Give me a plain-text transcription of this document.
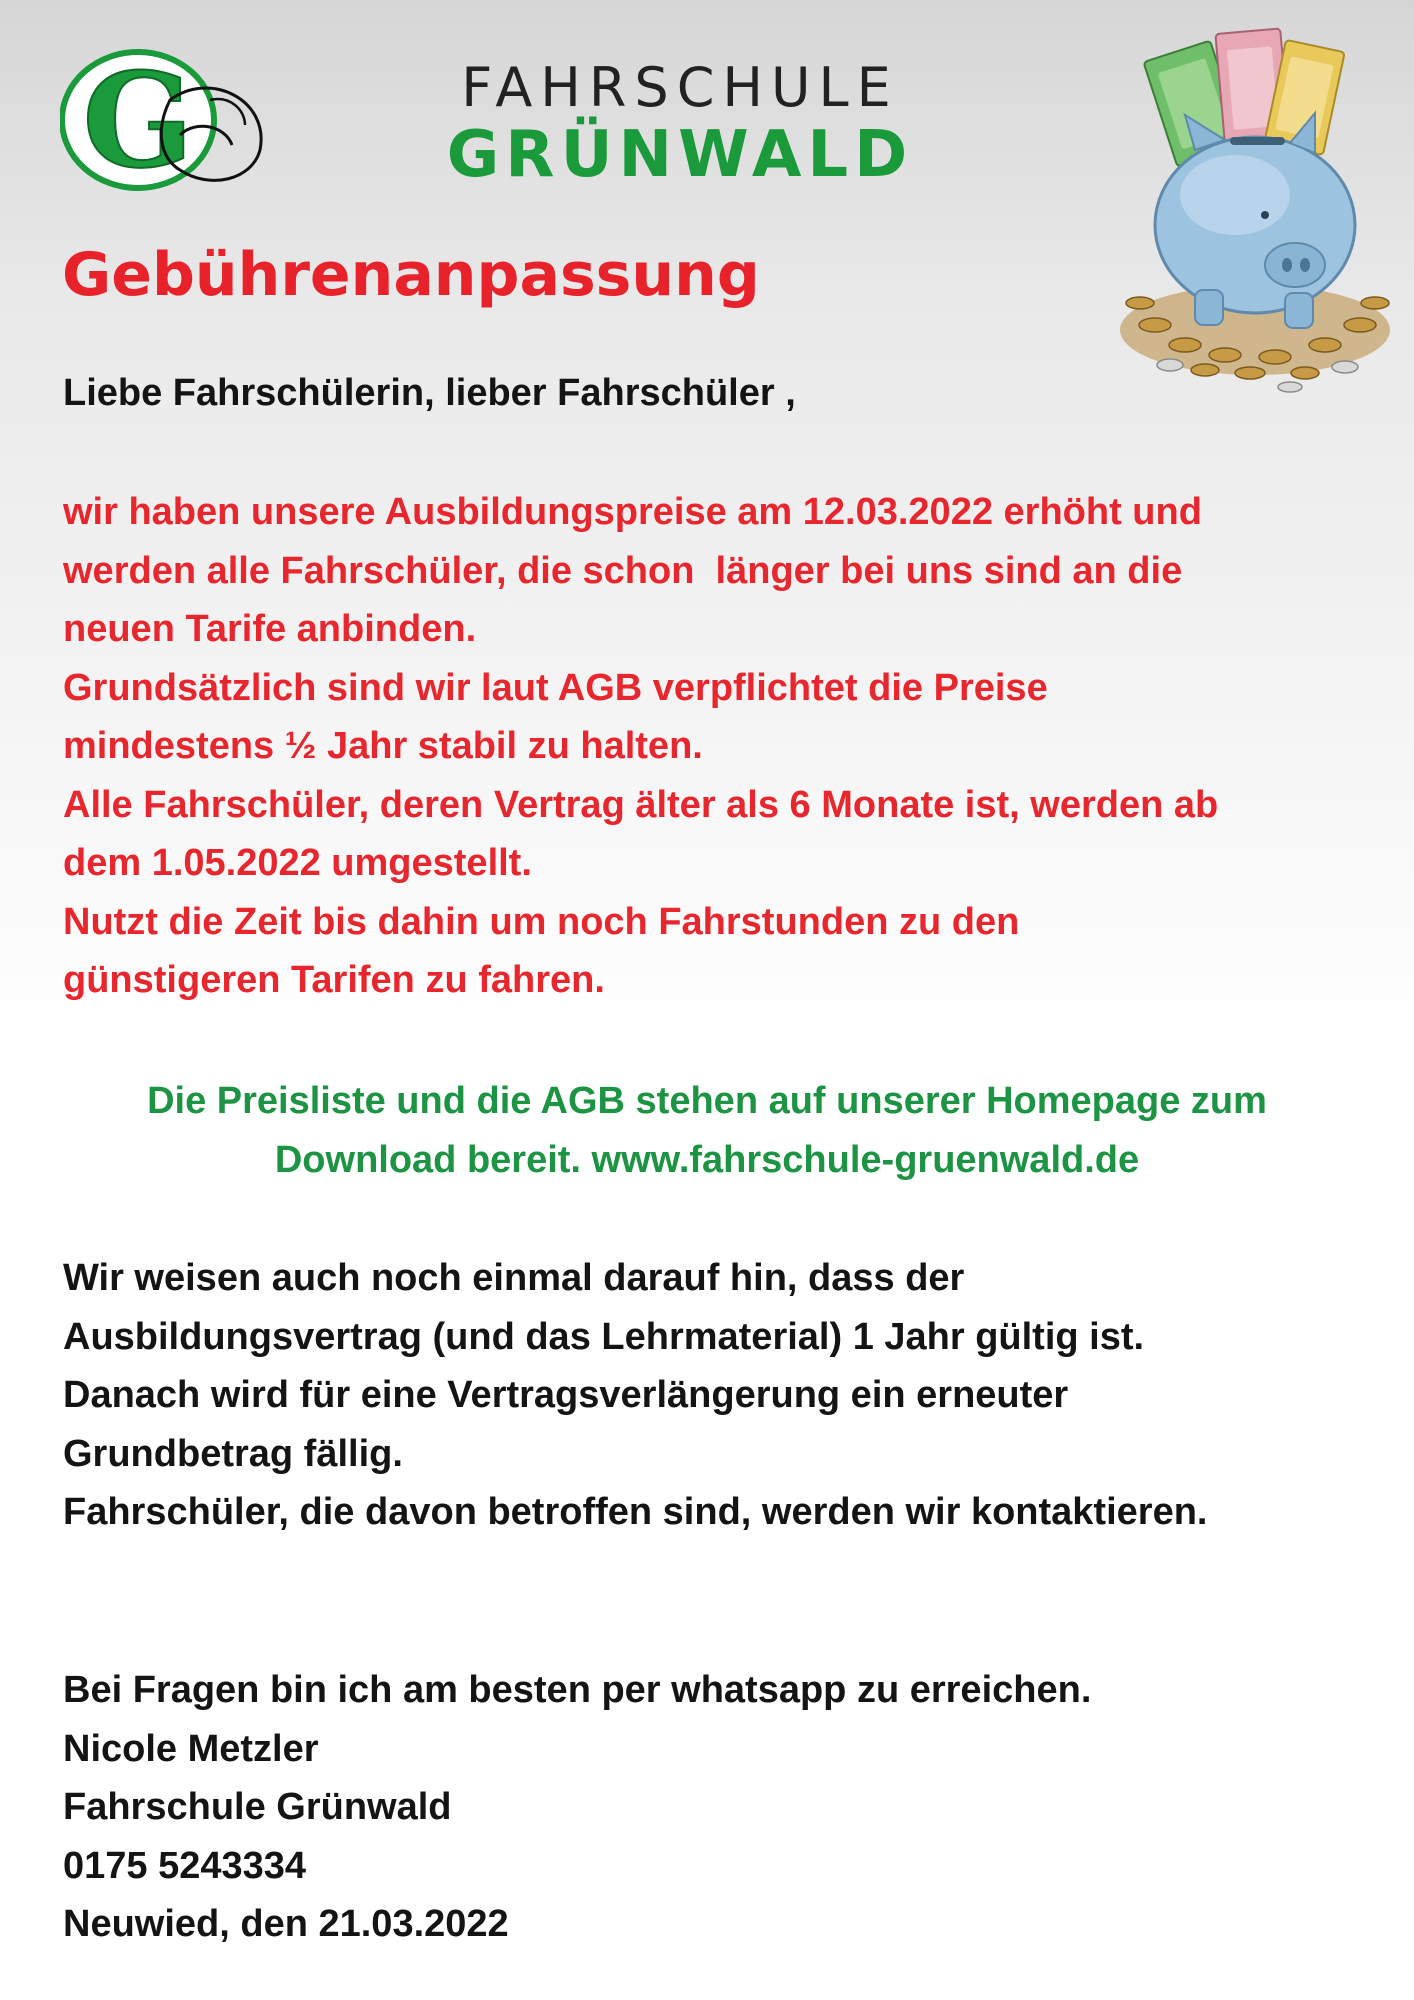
G	FAHRSCHULE
GRÜNWALD
Gebührenanpassung

Liebe Fahrschülerin, lieber Fahrschüler ,

wir haben unsere Ausbildungspreise am 12.03.2022 erhöht und
werden alle Fahrschüler, die schon  länger bei uns sind an die
neuen Tarife anbinden.
Grundsätzlich sind wir laut AGB verpflichtet die Preise
mindestens ½ Jahr stabil zu halten.
Alle Fahrschüler, deren Vertrag älter als 6 Monate ist, werden ab
dem 1.05.2022 umgestellt.
Nutzt die Zeit bis dahin um noch Fahrstunden zu den
günstigeren Tarifen zu fahren.
Die Preisliste und die AGB stehen auf unserer Homepage zum
Download bereit. www.fahrschule-gruenwald.de
Wir weisen auch noch einmal darauf hin, dass der
Ausbildungsvertrag (und das Lehrmaterial) 1 Jahr gültig ist.
Danach wird für eine Vertragsverlängerung ein erneuter
Grundbetrag fällig.
Fahrschüler, die davon betroffen sind, werden wir kontaktieren.
Bei Fragen bin ich am besten per whatsapp zu erreichen.
Nicole Metzler
Fahrschule Grünwald
0175 5243334
Neuwied, den 21.03.2022
